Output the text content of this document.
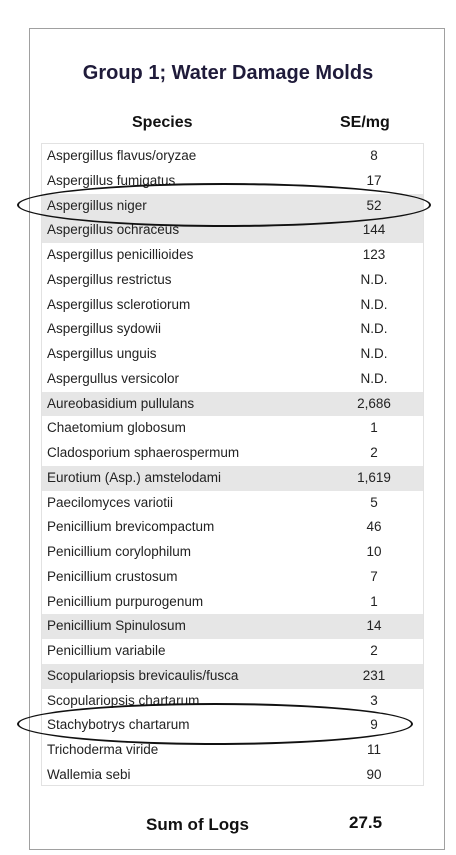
Group 1; Water Damage Molds
Species	SE/mg
Aspergillus flavus/oryzae	8
Aspergillus fumigatus	17
Aspergillus niger	52
Aspergillus ochraceus	144
Aspergillus penicillioides	123
Aspergillus restrictus	N.D.
Aspergillus sclerotiorum	N.D.
Aspergillus sydowii	N.D.
Aspergillus unguis	N.D.
Aspergullus versicolor	N.D.
Aureobasidium pullulans	2,686
Chaetomium globosum	1
Cladosporium sphaerospermum	2
Eurotium (Asp.) amstelodami	1,619
Paecilomyces variotii	5
Penicillium brevicompactum	46
Penicillium corylophilum	10
Penicillium crustosum	7
Penicillium purpurogenum	1
Penicillium Spinulosum	14
Penicillium variabile	2
Scopulariopsis brevicaulis/fusca	231
Scopulariopsis chartarum	3
Stachybotrys chartarum	9
Trichoderma viride	11
Wallemia sebi	90
Sum of Logs	27.5
